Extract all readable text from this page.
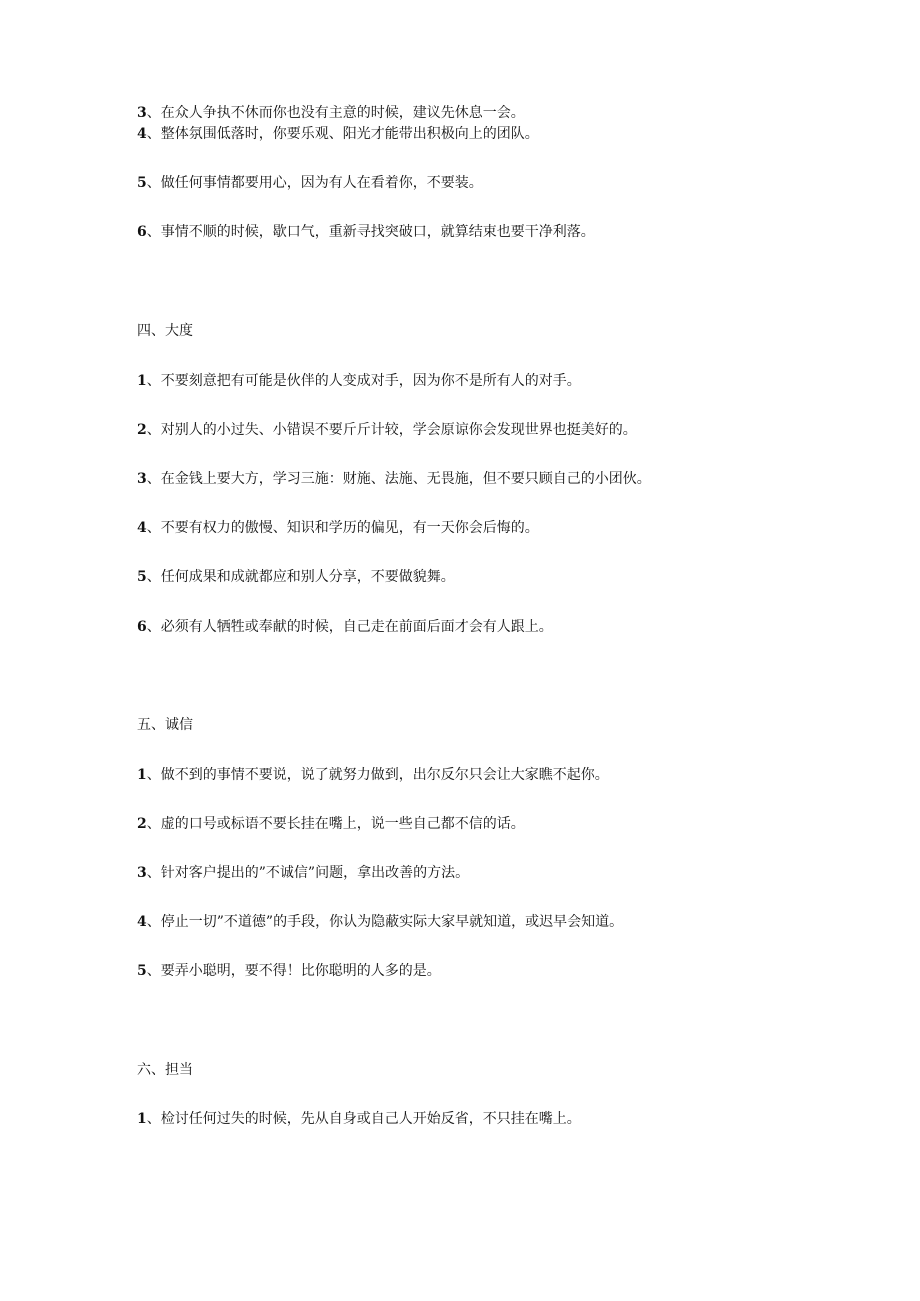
3、在众人争执不休而你也没有主意的时候，建议先休息一会。
4、整体氛围低落时，你要乐观、阳光才能带出积极向上的团队。
5、做任何事情都要用心，因为有人在看着你，不要装。
6、事情不顺的时候，歇口气，重新寻找突破口，就算结束也要干净利落。
四、大度
1、不要刻意把有可能是伙伴的人变成对手，因为你不是所有人的对手。
2、对别人的小过失、小错误不要斤斤计较，学会原谅你会发现世界也挺美好的。
3、在金钱上要大方，学习三施：财施、法施、无畏施，但不要只顾自己的小团伙。
4、不要有权力的傲慢、知识和学历的偏见，有一天你会后悔的。
5、任何成果和成就都应和别人分享，不要做貌舞。
6、必须有人牺牲或奉献的时候，自己走在前面后面才会有人跟上。
五、诚信
1、做不到的事情不要说，说了就努力做到，出尔反尔只会让大家瞧不起你。
2、虚的口号或标语不要长挂在嘴上，说一些自己都不信的话。
3、针对客户提出的”不诚信”问题，拿出改善的方法。
4、停止一切”不道德”的手段，你认为隐蔽实际大家早就知道，或迟早会知道。
5、要弄小聪明，要不得！比你聪明的人多的是。
六、担当
1、检讨任何过失的时候，先从自身或自己人开始反省，不只挂在嘴上。
